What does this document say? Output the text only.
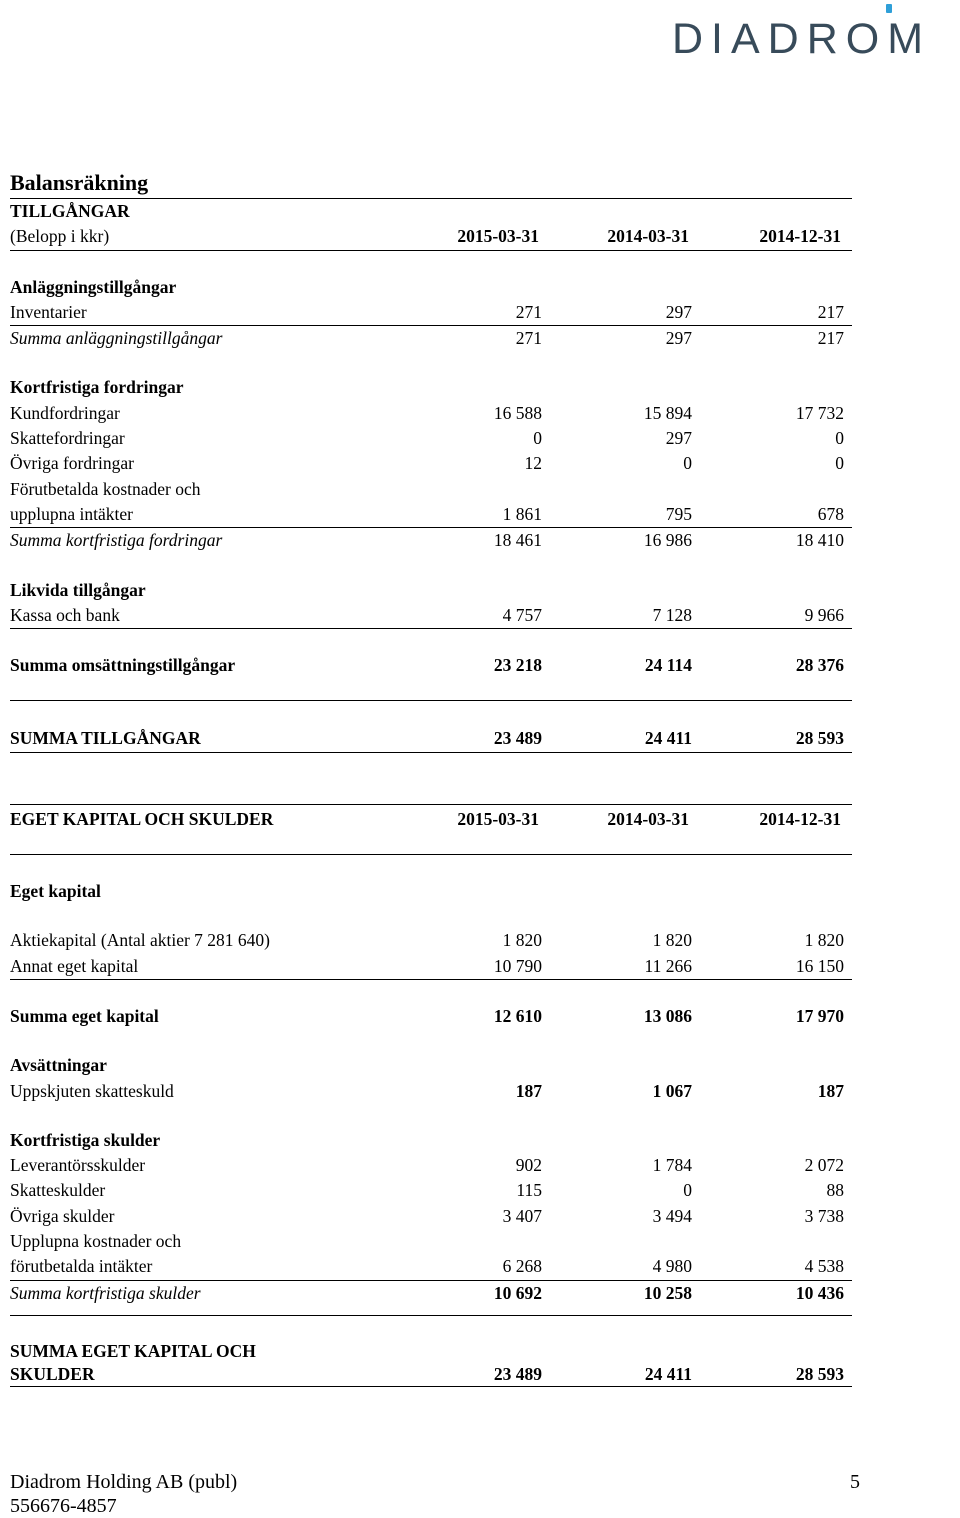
DIADROM
Balansräkning
TILLGÅNGAR
(Belopp i kkr)	2015-03-31	2014-03-31	2014-12-31
Anläggningstillgångar
Inventarier	271	297	217
Summa anläggningstillgångar	271	297	217
Kortfristiga fordringar
Kundfordringar	16 588	15 894	17 732
Skattefordringar	0	297	0
Övriga fordringar	12	0	0
Förutbetalda kostnader och
upplupna intäkter	1 861	795	678
Summa kortfristiga fordringar	18 461	16 986	18 410
Likvida tillgångar
Kassa och bank	4 757	7 128	9 966
Summa omsättningstillgångar	23 218	24 114	28 376
SUMMA TILLGÅNGAR	23 489	24 411	28 593
EGET KAPITAL OCH SKULDER	2015-03-31	2014-03-31	2014-12-31
Eget kapital
Aktiekapital (Antal aktier 7 281 640)	1 820	1 820	1 820
Annat eget kapital	10 790	11 266	16 150
Summa eget kapital	12 610	13 086	17 970
Avsättningar
Uppskjuten skatteskuld	187	1 067	187
Kortfristiga skulder
Leverantörsskulder	902	1 784	2 072
Skatteskulder	115	0	88
Övriga skulder	3 407	3 494	3 738
Upplupna kostnader och
förutbetalda intäkter	6 268	4 980	4 538
Summa kortfristiga skulder	10 692	10 258	10 436
SUMMA EGET KAPITAL OCH
SKULDER	23 489	24 411	28 593
Diadrom Holding AB (publ)
556676-4857
5
